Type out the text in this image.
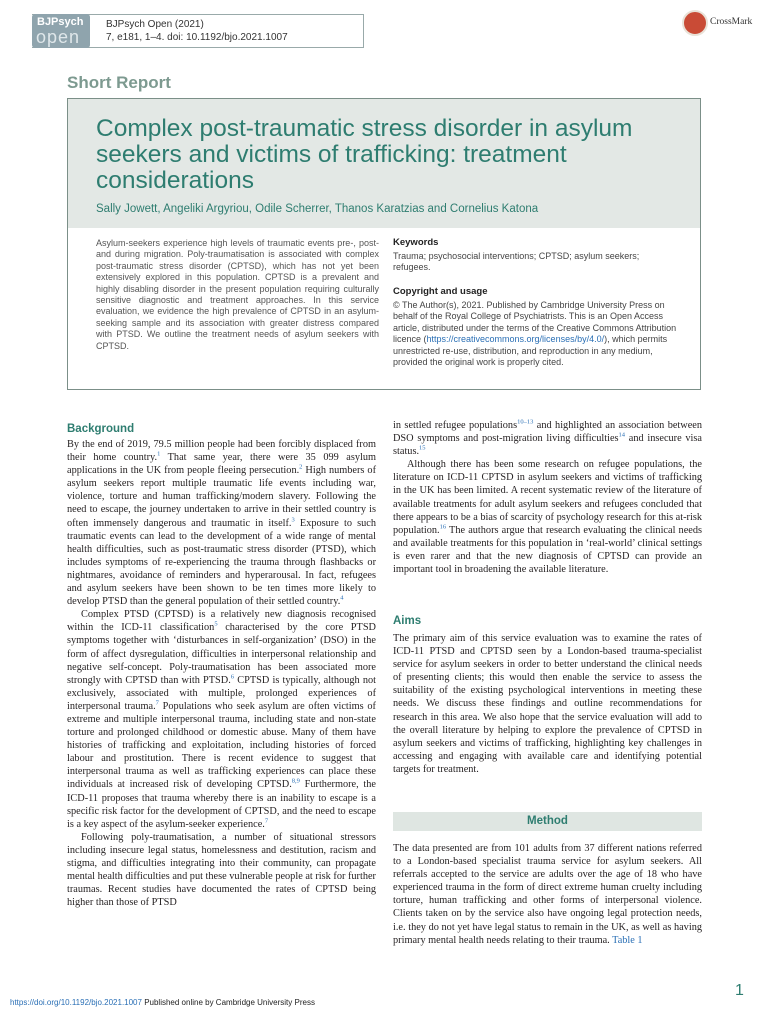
BJPsych
open
BJPsych Open (2021)
7, e181, 1–4. doi: 10.1192/bjo.2021.1007
CrossMark
Short Report
Complex post-traumatic stress disorder in asylum seekers and victims of trafficking: treatment considerations
Sally Jowett, Angeliki Argyriou, Odile Scherrer, Thanos Karatzias and Cornelius Katona
Asylum-seekers experience high levels of traumatic events pre-, post- and during migration. Poly-traumatisation is associated with complex post-traumatic stress disorder (CPTSD), which has not yet been extensively explored in this population. CPTSD is a prevalent and highly disabling disorder in the present population requiring culturally sensitive diagnostic and treatment approaches. In this service evaluation, we evidence the high prevalence of CPTSD in an asylum-seeking sample and its association with greater distress compared with PTSD. We outline the treatment needs of asylum seekers with CPTSD.
Keywords
Trauma; psychosocial interventions; CPTSD; asylum seekers; refugees.
Copyright and usage
© The Author(s), 2021. Published by Cambridge University Press on behalf of the Royal College of Psychiatrists. This is an Open Access article, distributed under the terms of the Creative Commons Attribution licence (https://creativecommons.org/licenses/by/4.0/), which permits unrestricted re-use, distribution, and reproduction in any medium, provided the original work is properly cited.
Background

By the end of 2019, 79.5 million people had been forcibly displaced from their home country.$^1$ That same year, there were 35 099 asylum applications in the UK from people fleeing persecution.$^2$ High numbers of asylum seekers report multiple traumatic life events including war, violence, torture and human trafficking/modern slavery. Following the need to escape, the journey undertaken to arrive in their settled country is often immensely dangerous and traumatic in itself.$^3$ Exposure to such traumatic events can lead to the development of a wide range of mental health difficulties, such as post-traumatic stress disorder (PTSD), which includes symptoms of re-experiencing the trauma through flashbacks or nightmares, avoidance of reminders and hyperarousal. In fact, refugees and asylum seekers have been shown to be ten times more likely to develop PTSD than the general population of their settled country.$^4$

Complex PTSD (CPTSD) is a relatively new diagnosis recognised within the ICD-11 classification$^5$ characterised by the core PTSD symptoms together with ‘disturbances in self-organization’ (DSO) in the form of affect dysregulation, difficulties in interpersonal relationship and negative self-concept. Poly-traumatisation has been associated more strongly with CPTSD than with PTSD.$^6$ CPTSD is typically, although not exclusively, associated with multiple, prolonged experiences of interpersonal trauma.$^7$ Populations who seek asylum are often victims of extreme and multiple interpersonal trauma, including state and non-state torture and prolonged childhood or domestic abuse. Many of them have histories of trafficking and exploitation, including histories of forced labour and prostitution. There is recent evidence to suggest that interpersonal trauma as well as trafficking experiences can place these individuals at increased risk of developing CPTSD.$^{8,9}$ Furthermore, the ICD-11 proposes that trauma whereby there is an inability to escape is a specific risk factor for the development of CPTSD, and the need to escape is a key aspect of the asylum-seeker experience.$^7$

Following poly-traumatisation, a number of situational stressors including insecure legal status, homelessness and destitution, racism and stigma, and difficulties integrating into their community, can propagate mental health difficulties and put these vulnerable people at risk for further traumas. Recent studies have documented the rates of CPTSD being higher than those of PTSD

in settled refugee populations$^{10-13}$ and highlighted an association between DSO symptoms and post-migration living difficulties$^{14}$ and insecure visa status.$^{15}$

Although there has been some research on refugee populations, the literature on ICD-11 CPTSD in asylum seekers and victims of trafficking in the UK has been limited. A recent systematic review of the literature of available treatments for adult asylum seekers and refugees concluded that there appears to be a bias of scarcity of psychology research for this at-risk population.$^{16}$ The authors argue that research evaluating the clinical needs and available treatments for this population in ‘real-world’ clinical settings is even rarer and that the new diagnosis of CPTSD can provide an important tool in broadening the available literature.

Aims

The primary aim of this service evaluation was to examine the rates of ICD-11 PTSD and CPTSD seen by a London-based trauma-specialist service for asylum seekers in order to better understand the clinical needs of presenting clients; this would then enable the service to assess the suitability of the existing psychological interventions in meeting these needs. We discuss these findings and outline recommendations for research in this area. We also hope that the service evaluation will add to the overall literature by helping to explore the prevalence of CPTSD in asylum seekers and victims of trafficking, highlighting key challenges in accessing and engaging with available care and identifying potential targets for treatment.

Method

The data presented are from 101 adults from 37 different nations referred to a London-based specialist trauma service for asylum seekers. All referrals accepted to the service are adults over the age of 18 who have experienced trauma in the form of direct extreme human cruelty including torture, human trafficking and other forms of interpersonal violence. Clients taken on by the service also have ongoing legal protection needs, i.e. they do not yet have legal status to remain in the UK, as well as having primary mental health needs relating to their trauma. Table 1

https://doi.org/10.1192/bjo.2021.1007 Published online by Cambridge University Press
1
